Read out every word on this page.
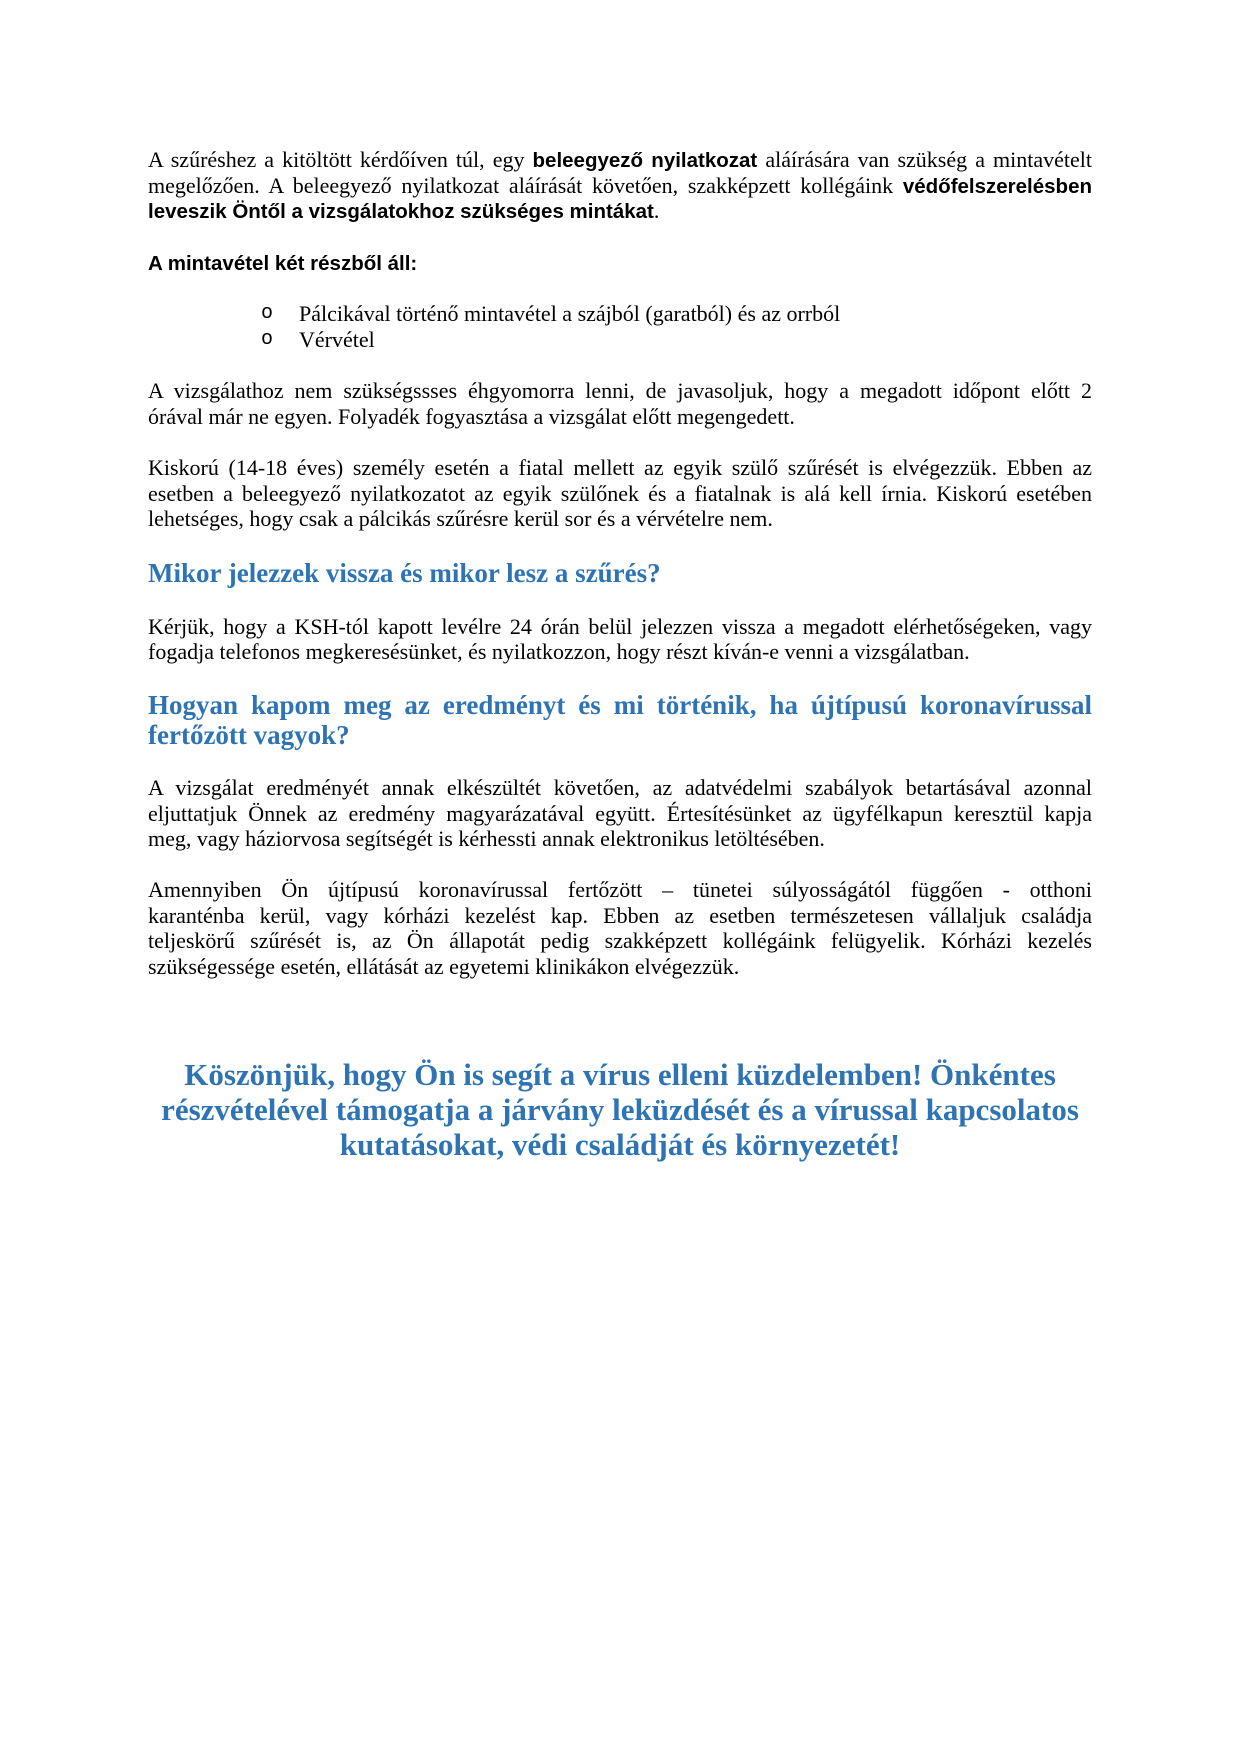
A szűréshez a kitöltött kérdőíven túl, egy beleegyező nyilatkozat aláírására van szükség a mintavételt
megelőzően. A beleegyező nyilatkozat aláírását követően, szakképzett kollégáink védőfelszerelésben
leveszik Öntől a vizsgálatokhoz szükséges mintákat.
A mintavétel két részből áll:
o Pálcikával történő mintavétel a szájból (garatból) és az orrból
o Vérvétel
A vizsgálathoz nem szükségssses éhgyomorra lenni, de javasoljuk, hogy a megadott időpont előtt 2
órával már ne egyen. Folyadék fogyasztása a vizsgálat előtt megengedett.
Kiskorú (14-18 éves) személy esetén a fiatal mellett az egyik szülő szűrését is elvégezzük. Ebben az
esetben a beleegyező nyilatkozatot az egyik szülőnek és a fiatalnak is alá kell írnia. Kiskorú esetében
lehetséges, hogy csak a pálcikás szűrésre kerül sor és a vérvételre nem.
Mikor jelezzek vissza és mikor lesz a szűrés?
Kérjük, hogy a KSH-tól kapott levélre 24 órán belül jelezzen vissza a megadott elérhetőségeken, vagy
fogadja telefonos megkeresésünket, és nyilatkozzon, hogy részt kíván-e venni a vizsgálatban.
Hogyan kapom meg az eredményt és mi történik, ha újtípusú koronavírussal
fertőzött vagyok?
A vizsgálat eredményét annak elkészültét követően, az adatvédelmi szabályok betartásával azonnal
eljuttatjuk Önnek az eredmény magyarázatával együtt. Értesítésünket az ügyfélkapun keresztül kapja
meg, vagy háziorvosa segítségét is kérhessti annak elektronikus letöltésében.
Amennyiben Ön újtípusú koronavírussal fertőzött – tünetei súlyosságától függően - otthoni
karanténba kerül, vagy kórházi kezelést kap. Ebben az esetben természetesen vállaljuk családja
teljeskörű szűrését is, az Ön állapotát pedig szakképzett kollégáink felügyelik. Kórházi kezelés
szükségessége esetén, ellátását az egyetemi klinikákon elvégezzük.
Köszönjük, hogy Ön is segít a vírus elleni küzdelemben! Önkéntes
részvételével támogatja a járvány leküzdését és a vírussal kapcsolatos
kutatásokat, védi családját és környezetét!
